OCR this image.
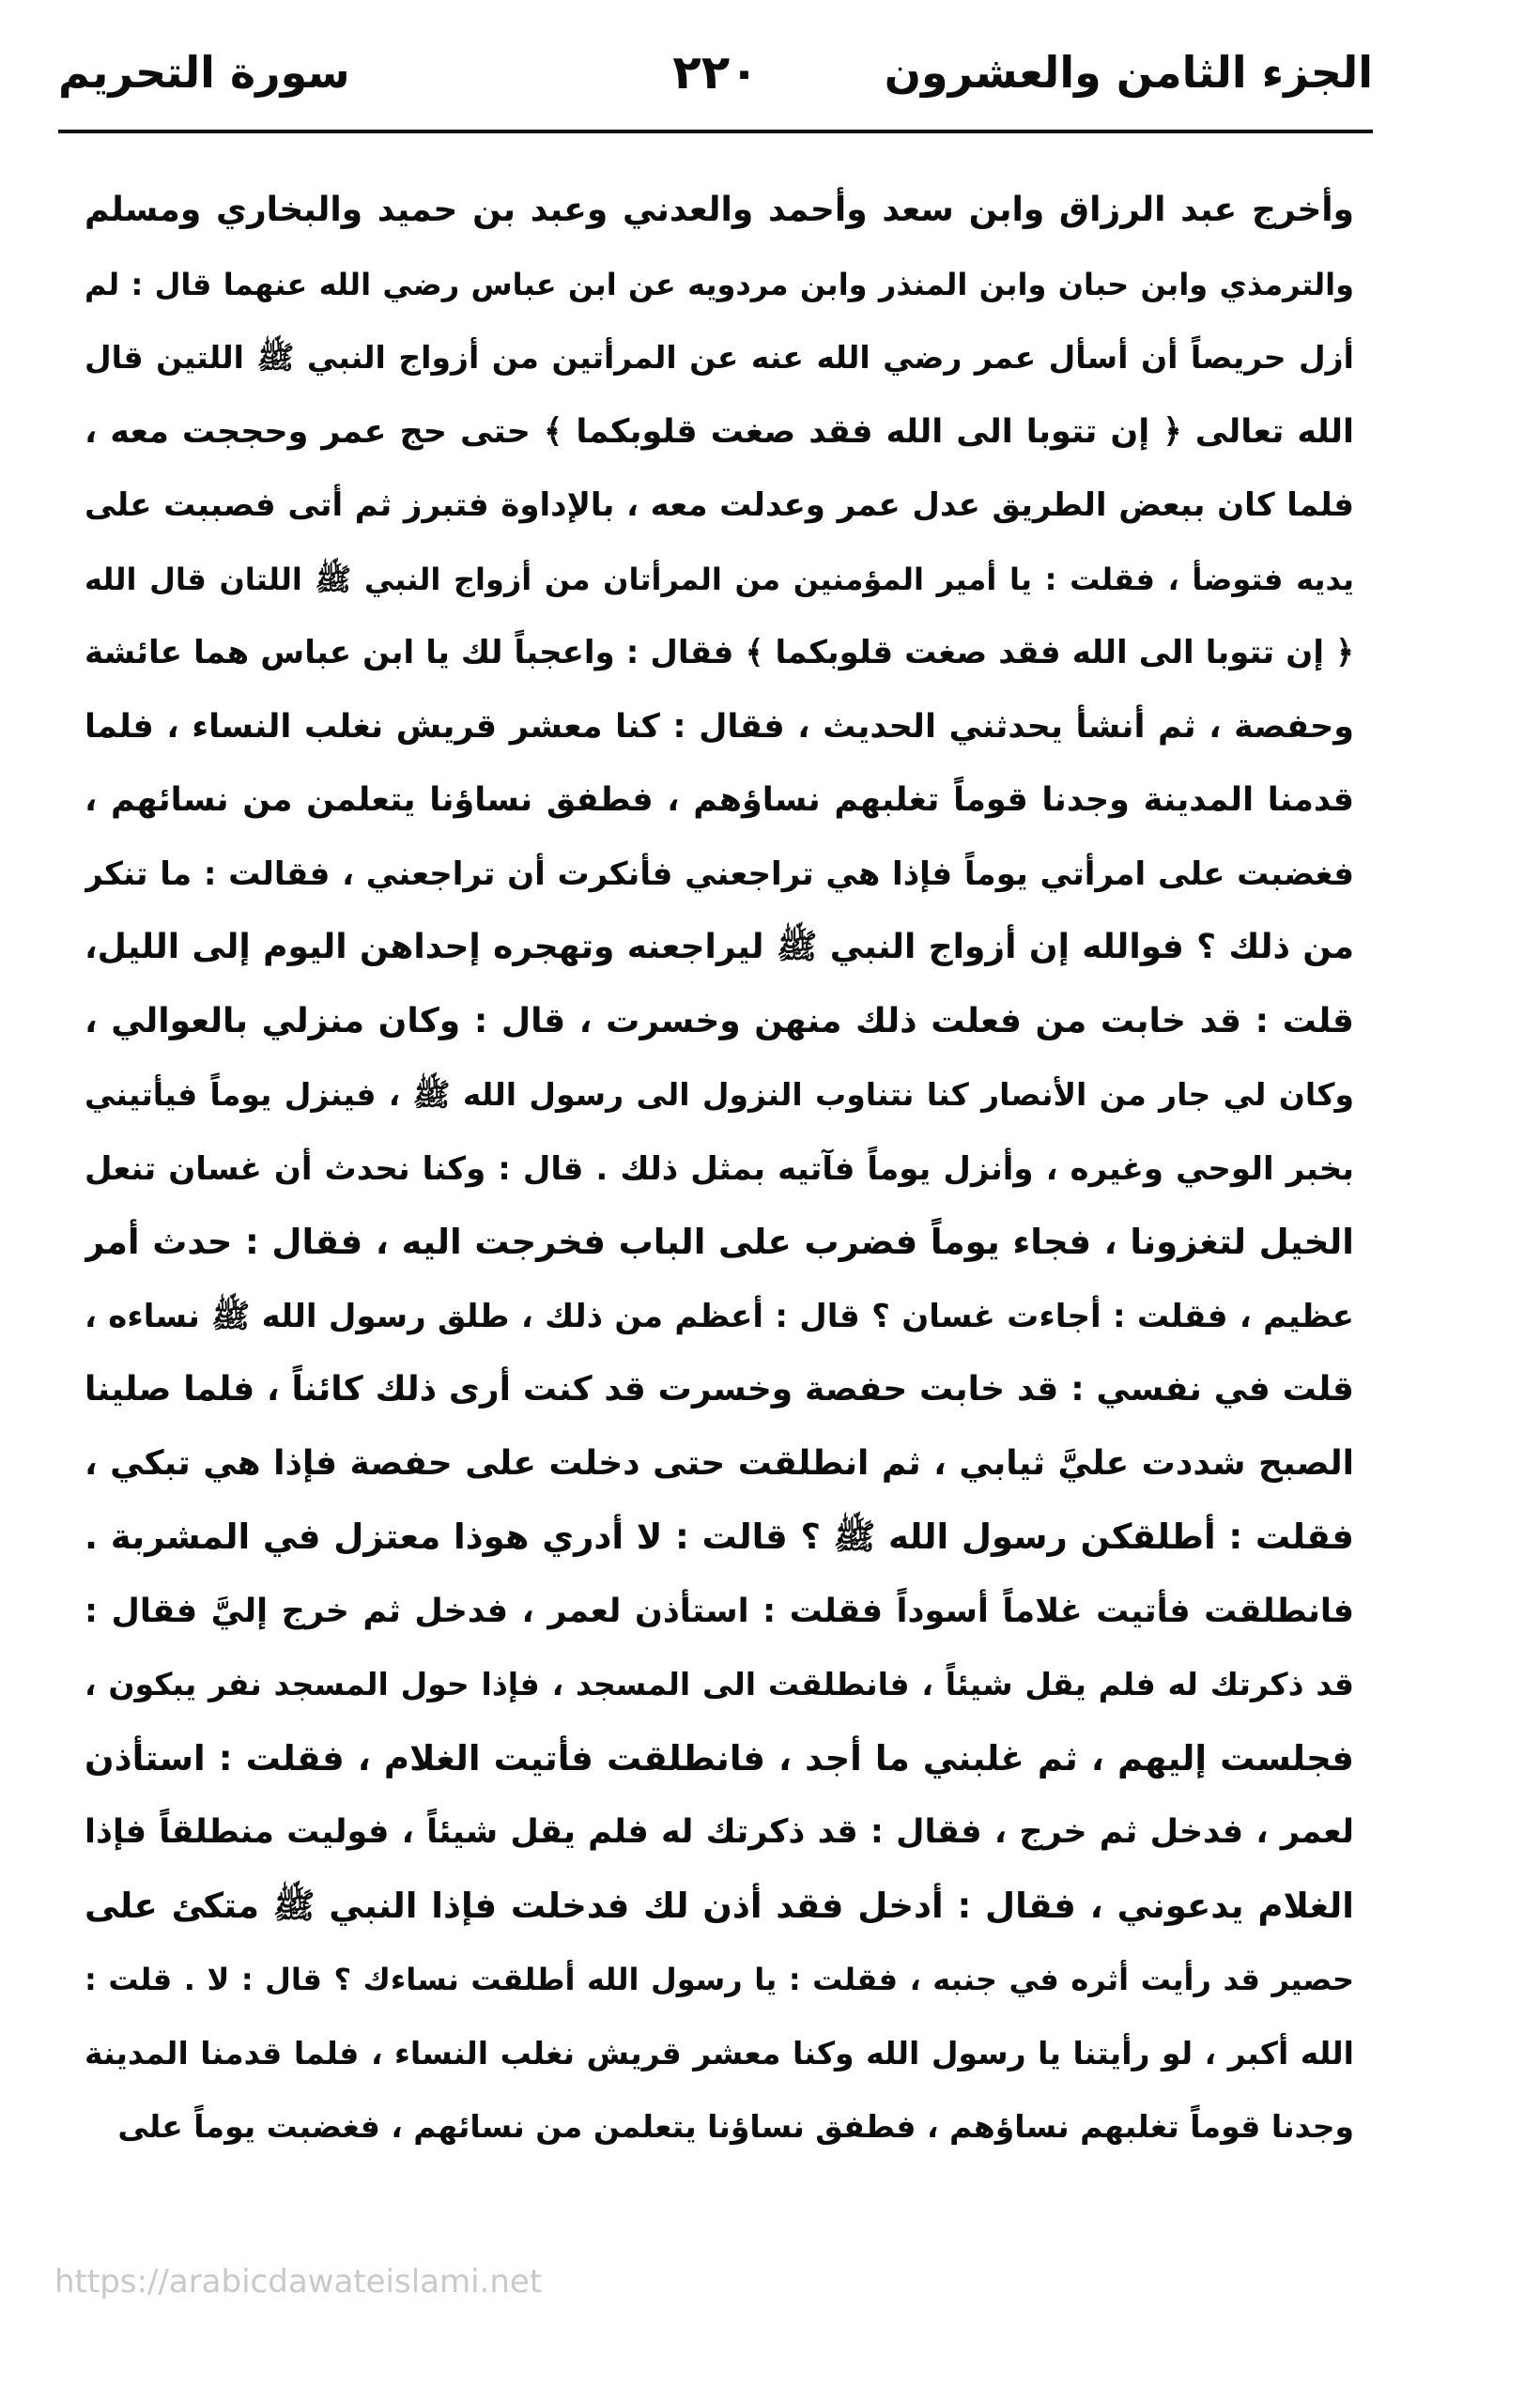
الجزء الثامن والعشرون
٢٢٠
سورة التحريم
وأخرج عبد الرزاق وابن سعد وأحمد والعدني وعبد بن حميد والبخاري ومسلم
والترمذي وابن حبان وابن المنذر وابن مردويه عن ابن عباس رضي الله عنهما قال : لم
أزل حريصاً أن أسأل عمر رضي الله عنه عن المرأتين من أزواج النبي ﷺ اللتين قال
الله تعالى ﴿ إن تتوبا الى الله فقد صغت قلوبكما ﴾ حتى حج عمر وحججت معه ،
فلما كان ببعض الطريق عدل عمر وعدلت معه ، بالإداوة فتبرز ثم أتى فصببت على
يديه فتوضأ ، فقلت : يا أمير المؤمنين من المرأتان من أزواج النبي ﷺ اللتان قال الله
﴿ إن تتوبا الى الله فقد صغت قلوبكما ﴾ فقال : واعجباً لك يا ابن عباس هما عائشة
وحفصة ، ثم أنشأ يحدثني الحديث ، فقال : كنا معشر قريش نغلب النساء ، فلما
قدمنا المدينة وجدنا قوماً تغلبهم نساؤهم ، فطفق نساؤنا يتعلمن من نسائهم ،
فغضبت على امرأتي يوماً فإذا هي تراجعني فأنكرت أن تراجعني ، فقالت : ما تنكر
من ذلك ؟ فوالله إن أزواج النبي ﷺ ليراجعنه وتهجره إحداهن اليوم إلى الليل،
قلت : قد خابت من فعلت ذلك منهن وخسرت ، قال : وكان منزلي بالعوالي ،
وكان لي جار من الأنصار كنا نتناوب النزول الى رسول الله ﷺ ، فينزل يوماً فيأتيني
بخبر الوحي وغيره ، وأنزل يوماً فآتيه بمثل ذلك . قال : وكنا نحدث أن غسان تنعل
الخيل لتغزونا ، فجاء يوماً فضرب على الباب فخرجت اليه ، فقال : حدث أمر
عظيم ، فقلت : أجاءت غسان ؟ قال : أعظم من ذلك ، طلق رسول الله ﷺ نساءه ،
قلت في نفسي : قد خابت حفصة وخسرت قد كنت أرى ذلك كائناً ، فلما صلينا
الصبح شددت عليَّ ثيابي ، ثم انطلقت حتى دخلت على حفصة فإذا هي تبكي ،
فقلت : أطلقكن رسول الله ﷺ ؟ قالت : لا أدري هوذا معتزل في المشربة .
فانطلقت فأتيت غلاماً أسوداً فقلت : استأذن لعمر ، فدخل ثم خرج إليَّ فقال :
قد ذكرتك له فلم يقل شيئاً ، فانطلقت الى المسجد ، فإذا حول المسجد نفر يبكون ،
فجلست إليهم ، ثم غلبني ما أجد ، فانطلقت فأتيت الغلام ، فقلت : استأذن
لعمر ، فدخل ثم خرج ، فقال : قد ذكرتك له فلم يقل شيئاً ، فوليت منطلقاً فإذا
الغلام يدعوني ، فقال : أدخل فقد أذن لك فدخلت فإذا النبي ﷺ متكئ على
حصير قد رأيت أثره في جنبه ، فقلت : يا رسول الله أطلقت نساءك ؟ قال : لا . قلت :
الله أكبر ، لو رأيتنا يا رسول الله وكنا معشر قريش نغلب النساء ، فلما قدمنا المدينة
وجدنا قوماً تغلبهم نساؤهم ، فطفق نساؤنا يتعلمن من نسائهم ، فغضبت يوماً على
https://arabicdawateislami.net
